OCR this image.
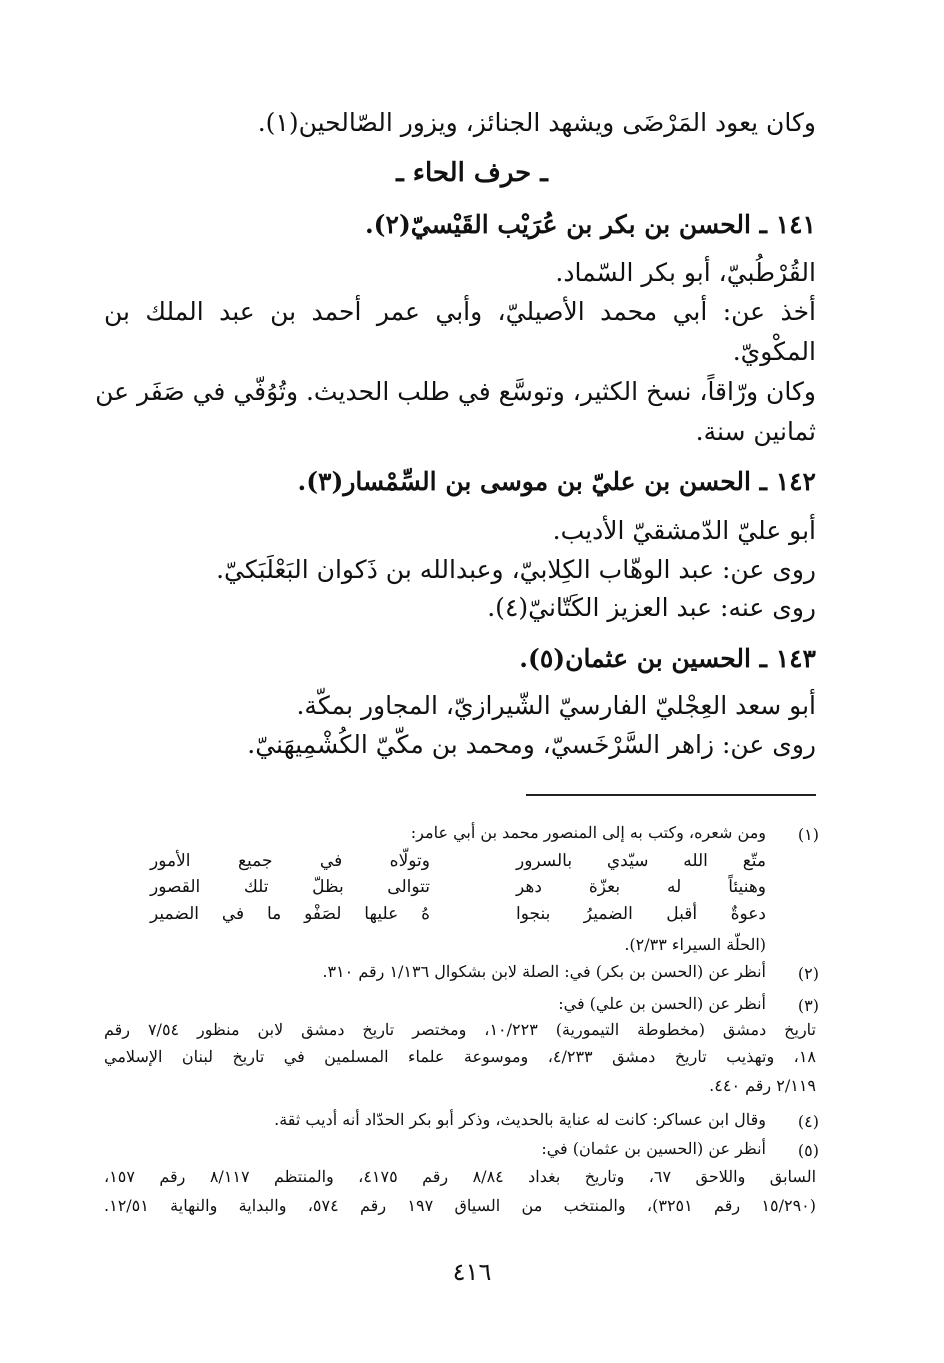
وكان يعود المَرْضَى ويشهد الجنائز، ويزور الصّالحين(١).
ـ حرف الحاء ـ
١٤١ ـ الحسن بن بكر بن عُرَيْب القَيْسيّ(٢).
القُرْطُبيّ، أبو بكر السّماد.
أخذ عن: أبي محمد الأصيليّ، وأبي عمر أحمد بن عبد الملك بن
المكْويّ.
وكان ورّاقاً، نسخ الكثير، وتوسَّع في طلب الحديث. وتُوُفّي في صَفَر عن
ثمانين سنة.
١٤٢ ـ الحسن بن عليّ بن موسى بن السِّمْسار(٣).
أبو عليّ الدّمشقيّ الأديب.
روى عن: عبد الوهّاب الكِلابيّ، وعبدالله بن ذَكوان البَعْلَبَكيّ.
روى عنه: عبد العزيز الكَتّانيّ(٤).
١٤٣ ـ الحسين بن عثمان(٥).
أبو سعد العِجْليّ الفارسيّ الشّيرازيّ، المجاور بمكّة.
روى عن: زاهر السَّرْخَسيّ، ومحمد بن مكّيّ الكُشْمِيهَنيّ.
(١)
ومن شعره، وكتب به إلى المنصور محمد بن أبي عامر:
متّع الله سيّدي بالسرور
وتولّاه في جميع الأمور
وهنيئاً له بعزّة دهر
تتوالى بظلّ تلك القصور
دعوةٌ أقبل الضميرُ بنجوا
هُ عليها لصَفْو ما في الضمير
(الحلّة السيراء ٢/٣٣).
(٢)
أنظر عن (الحسن بن بكر) في: الصلة لابن بشكوال ١/١٣٦ رقم ٣١٠.
(٣)
أنظر عن (الحسن بن علي) في:
تاريخ دمشق (مخطوطة التيمورية) ١٠/٢٢٣، ومختصر تاريخ دمشق لابن منظور ٧/٥٤ رقم
١٨، وتهذيب تاريخ دمشق ٤/٢٣٣، وموسوعة علماء المسلمين في تاريخ لبنان الإسلامي
٢/١١٩ رقم ٤٤٠.
(٤)
وقال ابن عساكر: كانت له عناية بالحديث، وذكر أبو بكر الحدّاد أنه أديب ثقة.
(٥)
أنظر عن (الحسين بن عثمان) في:
السابق واللاحق ٦٧، وتاريخ بغداد ٨/٨٤ رقم ٤١٧٥، والمنتظم ٨/١١٧ رقم ١٥٧،
(١٥/٢٩٠ رقم ٣٢٥١)، والمنتخب من السياق ١٩٧ رقم ٥٧٤، والبداية والنهاية ١٢/٥١.
٤١٦
